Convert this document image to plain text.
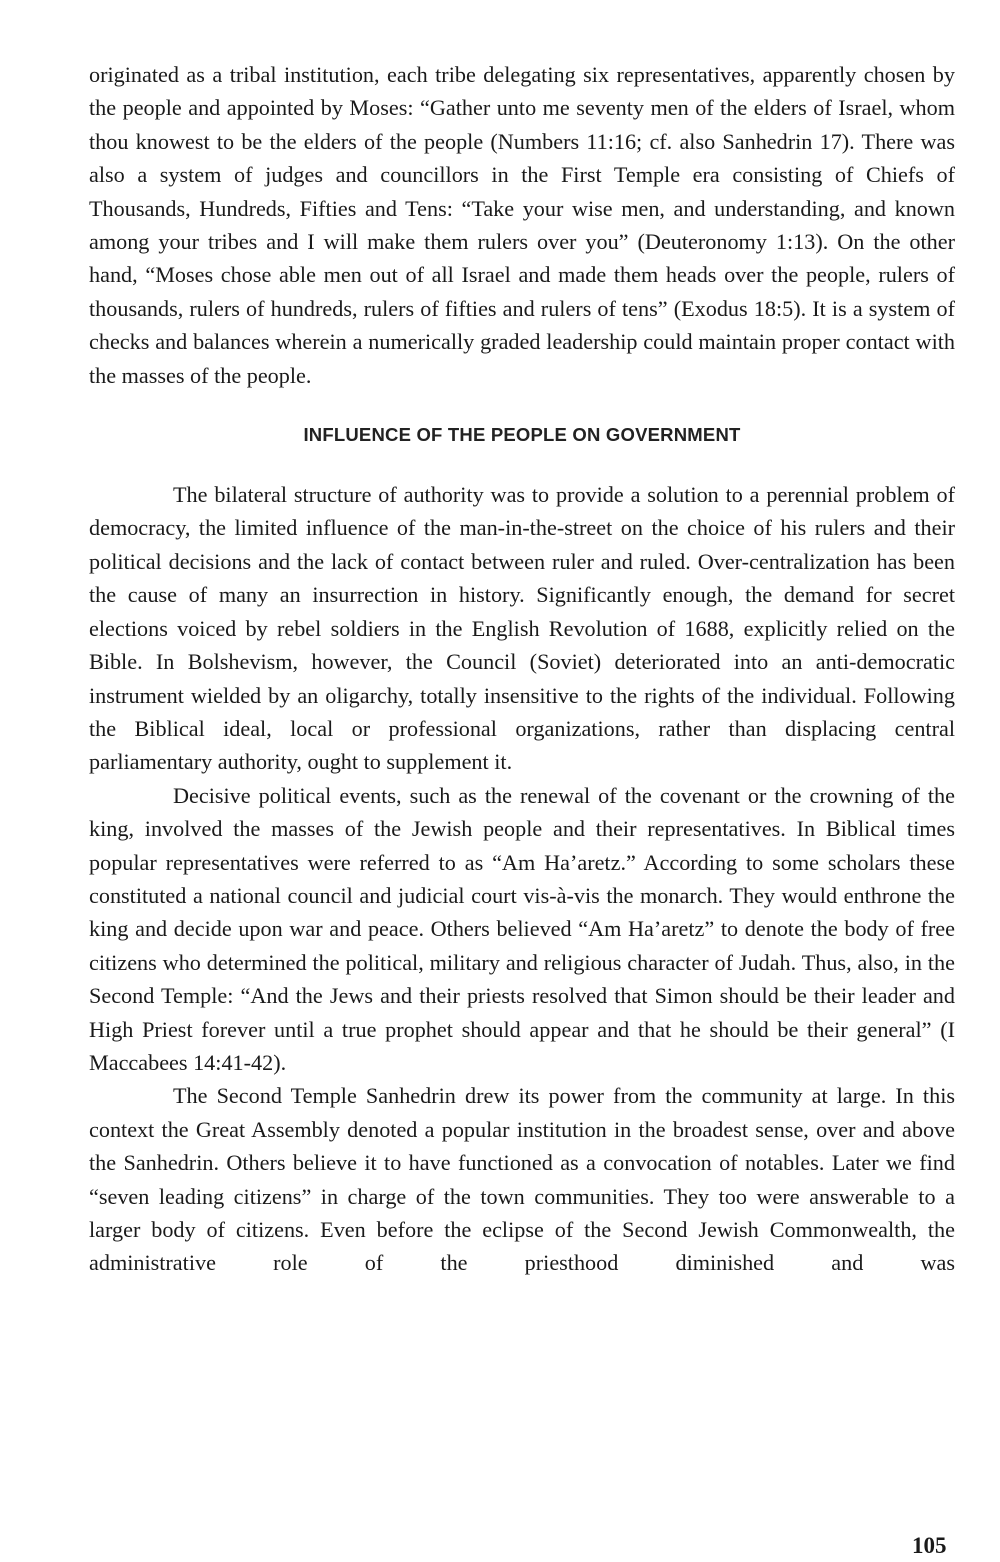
originated as a tribal institution, each tribe delegating six representatives, apparently chosen by the people and appointed by Moses: “Gather unto me seventy men of the elders of Israel, whom thou knowest to be the elders of the people (Numbers 11:16; cf. also Sanhedrin 17). There was also a system of judges and councillors in the First Temple era consisting of Chiefs of Thousands, Hundreds, Fifties and Tens: “Take your wise men, and understanding, and known among your tribes and I will make them rulers over you” (Deuteronomy 1:13). On the other hand, “Moses chose able men out of all Israel and made them heads over the people, rulers of thousands, rulers of hundreds, rulers of fifties and rulers of tens” (Exodus 18:5). It is a system of checks and balances wherein a numerically graded leadership could maintain proper contact with the masses of the people.

INFLUENCE OF THE PEOPLE ON GOVERNMENT

The bilateral structure of authority was to provide a solution to a perennial problem of democracy, the limited influence of the man-in-the-street on the choice of his rulers and their political decisions and the lack of contact between ruler and ruled. Over-centralization has been the cause of many an insurrection in history. Significantly enough, the demand for secret elections voiced by rebel soldiers in the English Revolution of 1688, explicitly relied on the Bible. In Bolshevism, however, the Council (Soviet) deteriorated into an anti-democratic instrument wielded by an oligarchy, totally insensitive to the rights of the individual. Following the Biblical ideal, local or professional organizations, rather than displacing central parliamentary authority, ought to supplement it.

Decisive political events, such as the renewal of the covenant or the crowning of the king, involved the masses of the Jewish people and their representatives. In Biblical times popular representatives were referred to as “Am Ha’aretz.” According to some scholars these constituted a national council and judicial court vis-à-vis the monarch. They would enthrone the king and decide upon war and peace. Others believed “Am Ha’aretz” to denote the body of free citizens who determined the political, military and religious character of Judah. Thus, also, in the Second Temple: “And the Jews and their priests resolved that Simon should be their leader and High Priest forever until a true prophet should appear and that he should be their general” (I Maccabees 14:41-42).

The Second Temple Sanhedrin drew its power from the community at large. In this context the Great Assembly denoted a popular institution in the broadest sense, over and above the Sanhedrin. Others believe it to have functioned as a convocation of notables. Later we find “seven leading citizens” in charge of the town communities. They too were answerable to a larger body of citizens. Even before the eclipse of the Second Jewish Commonwealth, the administrative role of the priesthood diminished and was

105
